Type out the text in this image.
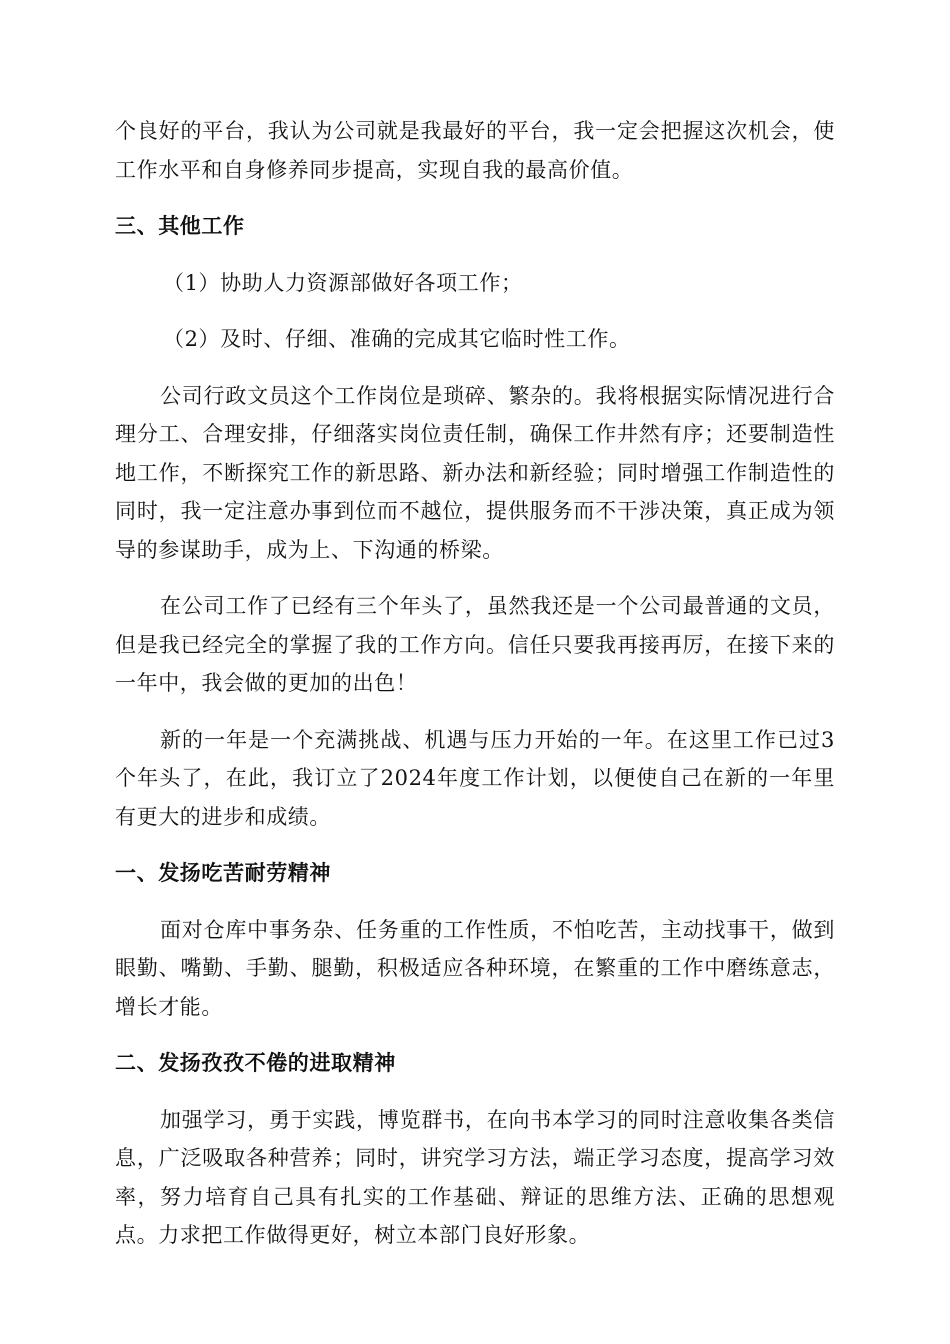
个良好的平台，我认为公司就是我最好的平台，我一定会把握这次机会，使工作水平和自身修养同步提高，实现自我的最高价值。

三、其他工作

（1）协助人力资源部做好各项工作；

（2）及时、仔细、准确的完成其它临时性工作。

公司行政文员这个工作岗位是琐碎、繁杂的。我将根据实际情况进行合理分工、合理安排，仔细落实岗位责任制，确保工作井然有序；还要制造性地工作，不断探究工作的新思路、新办法和新经验；同时增强工作制造性的同时，我一定注意办事到位而不越位，提供服务而不干涉决策，真正成为领导的参谋助手，成为上、下沟通的桥梁。

在公司工作了已经有三个年头了，虽然我还是一个公司最普通的文员，但是我已经完全的掌握了我的工作方向。信任只要我再接再厉，在接下来的一年中，我会做的更加的出色！

新的一年是一个充满挑战、机遇与压力开始的一年。在这里工作已过3个年头了，在此，我订立了2024年度工作计划，以便使自己在新的一年里有更大的进步和成绩。

一、发扬吃苦耐劳精神

面对仓库中事务杂、任务重的工作性质，不怕吃苦，主动找事干，做到眼勤、嘴勤、手勤、腿勤，积极适应各种环境，在繁重的工作中磨练意志，增长才能。

二、发扬孜孜不倦的进取精神

加强学习，勇于实践，博览群书，在向书本学习的同时注意收集各类信息，广泛吸取各种营养；同时，讲究学习方法，端正学习态度，提高学习效率，努力培育自己具有扎实的工作基础、辩证的思维方法、正确的思想观点。力求把工作做得更好，树立本部门良好形象。
